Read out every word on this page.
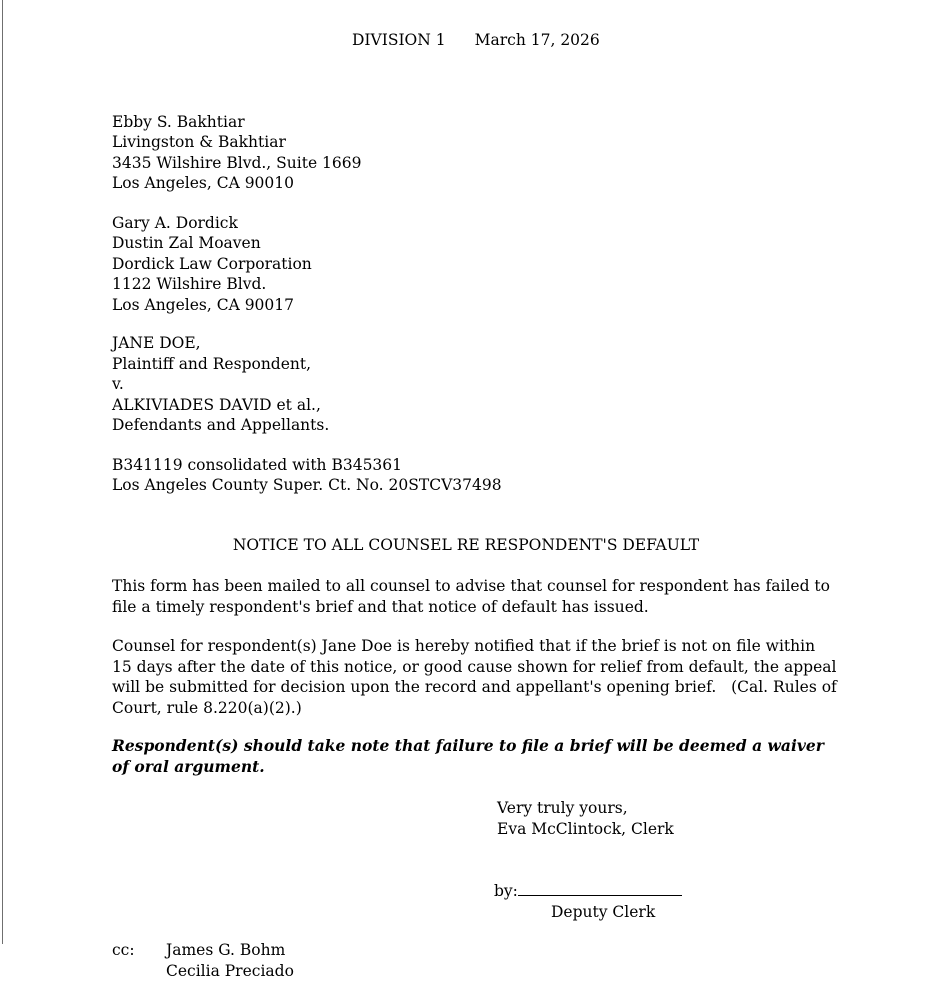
DIVISION 1 March 17, 2026

Ebby S. Bakhtiar
Livingston & Bakhtiar
3435 Wilshire Blvd., Suite 1669
Los Angeles, CA 90010
Gary A. Dordick
Dustin Zal Moaven
Dordick Law Corporation
1122 Wilshire Blvd.
Los Angeles, CA 90017
JANE DOE,
Plaintiff and Respondent,
v.
ALKIVIADES DAVID et al.,
Defendants and Appellants.
B341119 consolidated with B345361
Los Angeles County Super. Ct. No. 20STCV37498
NOTICE TO ALL COUNSEL RE RESPONDENT'S DEFAULT
This form has been mailed to all counsel to advise that counsel for respondent has failed to
file a timely respondent's brief and that notice of default has issued.
Counsel for respondent(s) Jane Doe is hereby notified that if the brief is not on file within
15 days after the date of this notice, or good cause shown for relief from default, the appeal
will be submitted for decision upon the record and appellant's opening brief.   (Cal. Rules of
Court, rule 8.220(a)(2).)
Respondent(s) should take note that failure to file a brief will be deemed a waiver
of oral argument.
Very truly yours,
Eva McClintock, Clerk
by:
Deputy Clerk
cc:	James G. Bohm
Cecilia Preciado
